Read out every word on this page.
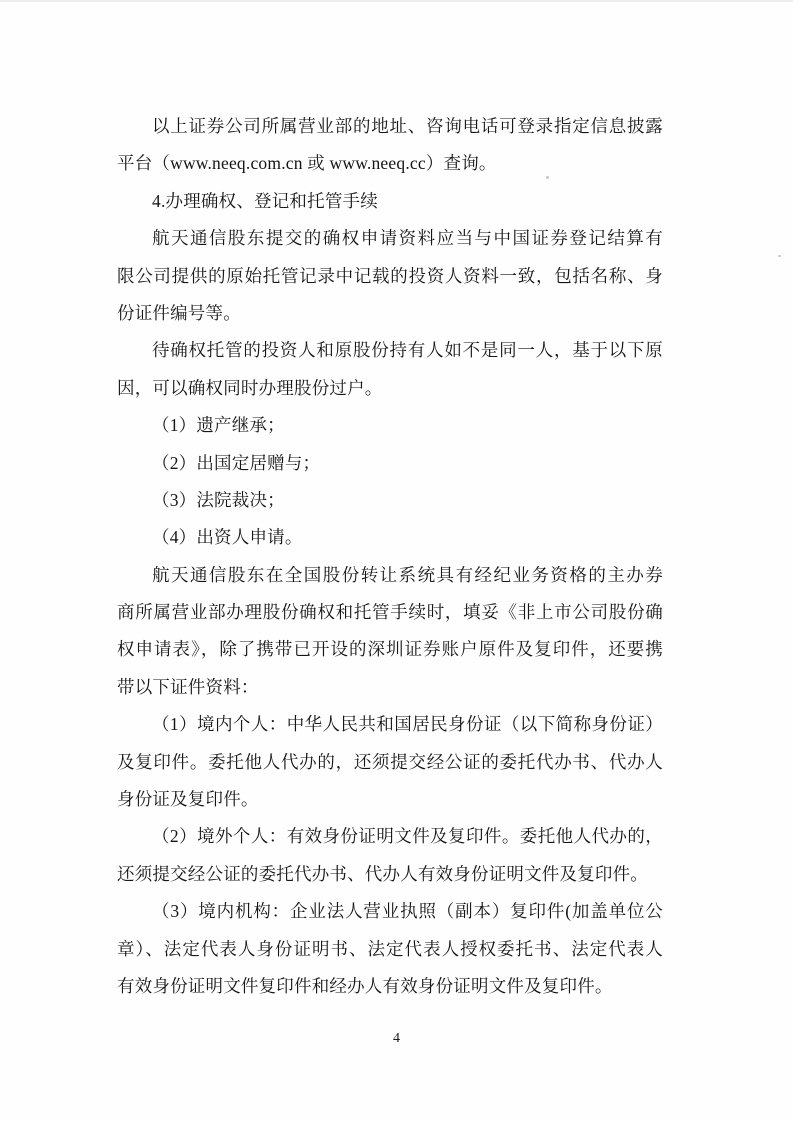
以上证券公司所属营业部的地址、咨询电话可登录指定信息披露
平台（www.neeq.com.cn 或 www.neeq.cc）查询。
4.办理确权、登记和托管手续
航天通信股东提交的确权申请资料应当与中国证券登记结算有
限公司提供的原始托管记录中记载的投资人资料一致，包括名称、身
份证件编号等。
待确权托管的投资人和原股份持有人如不是同一人，基于以下原
因，可以确权同时办理股份过户。
（1）遗产继承；
（2）出国定居赠与；
（3）法院裁决；
（4）出资人申请。
航天通信股东在全国股份转让系统具有经纪业务资格的主办券
商所属营业部办理股份确权和托管手续时，填妥《非上市公司股份确
权申请表》，除了携带已开设的深圳证券账户原件及复印件，还要携
带以下证件资料：
（1）境内个人：中华人民共和国居民身份证（以下简称身份证）
及复印件。委托他人代办的，还须提交经公证的委托代办书、代办人
身份证及复印件。
（2）境外个人：有效身份证明文件及复印件。委托他人代办的，
还须提交经公证的委托代办书、代办人有效身份证明文件及复印件。
（3）境内机构：企业法人营业执照（副本）复印件(加盖单位公
章）、法定代表人身份证明书、法定代表人授权委托书、法定代表人
有效身份证明文件复印件和经办人有效身份证明文件及复印件。
4
